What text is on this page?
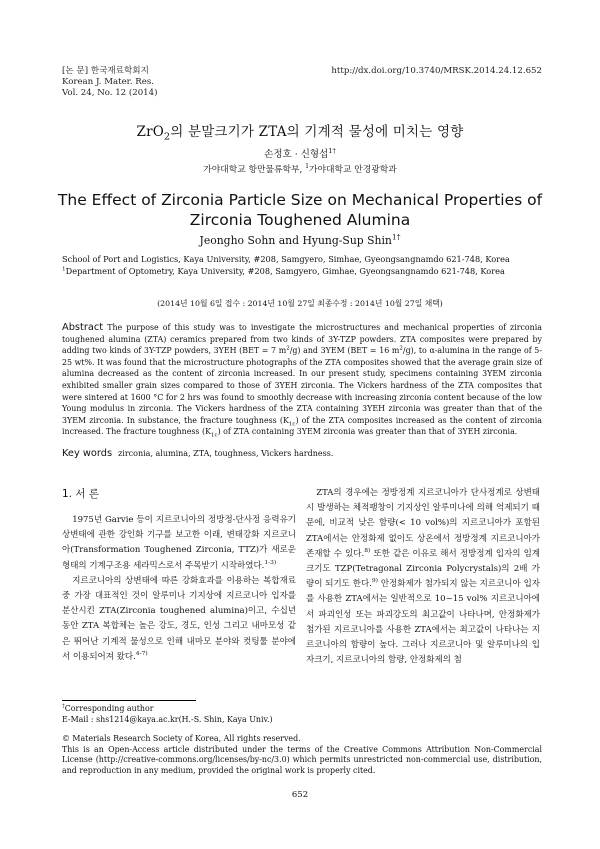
[논 문] 한국재료학회지
Korean J. Mater. Res.
Vol. 24, No. 12 (2014)
http://dx.doi.org/10.3740/MRSK.2014.24.12.652
ZrO$_2$의 분말크기가 ZTA의 기계적 물성에 미치는 영향
손정호 · 신형섭$^{1\dagger}$
가야대학교 항만물류학부, $^1$가야대학교 안경광학과
The Effect of Zirconia Particle Size on Mechanical Properties of
Zirconia Toughened Alumina
Jeongho Sohn and Hyung-Sup Shin$^{1\dagger}$
School of Port and Logistics, Kaya University, #208, Samgyero, Simhae, Gyeongsangnamdo 621-748, Korea
$^1$Department of Optometry, Kaya University, #208, Samgyero, Gimhae, Gyeongsangnamdo 621-748, Korea
(2014년 10월 6일 접수 : 2014년 10월 27일 최종수정 : 2014년 10월 27일 채택)
Abstract The purpose of this study was to investigate the microstructures and mechanical properties of zirconia toughened alumina (ZTA) ceramics prepared from two kinds of 3Y-TZP powders. ZTA composites were prepared by adding two kinds of 3Y-TZP powders, 3YEH (BET = 7 $m^2/g$) and 3YEM (BET = 16 $m^2/g$), to α-alumina in the range of 5-25 wt%. It was found that the microstructure photographs of the ZTA composites showed that the average grain size of alumina decreased as the content of zirconia increased. In our present study, specimens containing 3YEM zirconia exhibited smaller grain sizes compared to those of 3YEH zirconia. The Vickers hardness of the ZTA composites that were sintered at 1600 °C for 2 hrs was found to smoothly decrease with increasing zirconia content because of the low Young modulus in zirconia. The Vickers hardness of the ZTA containing 3YEH zirconia was greater than that of the 3YEM zirconia. In substance, the fracture toughness $(K_{1c})$ of the ZTA composites increased as the content of zirconia increased. The fracture toughness $(K_{1c})$ of ZTA containing 3YEM zirconia was greater than that of 3YEH zirconia.
Key words zirconia, alumina, ZTA, toughness, Vickers hardness.
1. 서 론
1975년 Garvie 등이 지르코니아의 정방정-단사정 응력유기 상변태에 관한 강인화 기구를 보고한 이래, 변태강화 지르코니아(Transformation Toughened Zirconia, TTZ)가 새로운 형태의 기계구조용 세라믹스로서 주목받기 시작하였다.$^{1-3)}$
지르코니아의 상변태에 따른 강화효과를 이용하는 복합재료 중 가장 대표적인 것이 알루미나 기지상에 지르코니아 입자를 분산시킨 ZTA(Zirconia toughened alumina)이고, 수십년 동안 ZTA 복합체는 높은 강도, 경도, 인성 그리고 내마모성 같은 뛰어난 기계적 물성으로 인해 내마모 분야와 컷팅툴 분야에서 이용되어져 왔다.$^{4-7)}$
ZTA의 경우에는 정방정계 지르코니아가 단사정계로 상변태시 발생하는 체적팽창이 기지상인 알루미나에 의해 억제되기 때문에, 비교적 낮은 함량(< 10 vol%)의 지르코니아가 포함된 ZTA에서는 안정화제 없이도 상온에서 정방정계 지르코니아가 존재할 수 있다.$^{8)}$ 또한 같은 이유로 해서 정방정계 입자의 임계크기도 TZP(Tetragonal Zirconia Polycrystals)의 2배 가량이 되기도 한다.$^{9)}$ 안정화제가 첨가되지 않는 지르코니아 입자를 사용한 ZTA에서는 일반적으로 10~15 vol% 지르코니아에서 파괴인성 또는 파괴강도의 최고값이 나타나며, 안정화제가 첨가된 지르코니아를 사용한 ZTA에서는 최고값이 나타나는 지르코니아의 함량이 높다. 그러나 지르코니아 및 알루미나의 입자크기, 지르코니아의 함량, 안정화제의 첨
†Corresponding author
E-Mail : shs1214@kaya.ac.kr(H.-S. Shin, Kaya Univ.)
© Materials Research Society of Korea, All rights reserved.
This is an Open-Access article distributed under the terms of the Creative Commons Attribution Non-Commercial License (http://creative-commons.org/licenses/by-nc/3.0) which permits unrestricted non-commercial use, distribution, and reproduction in any medium, provided the original work is properly cited.
652
